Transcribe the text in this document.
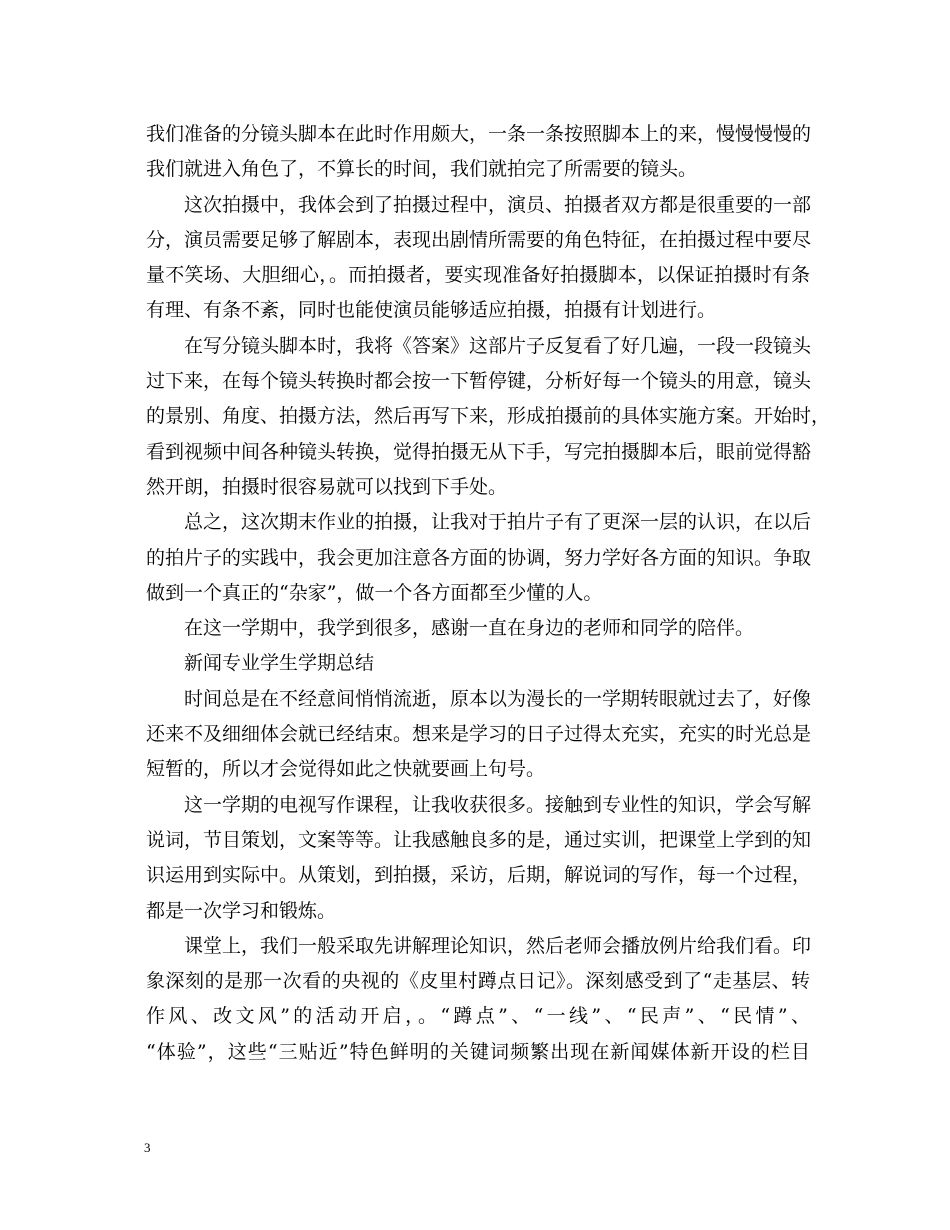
我们准备的分镜头脚本在此时作用颇大，一条一条按照脚本上的来，慢慢慢慢的
我们就进入角色了，不算长的时间，我们就拍完了所需要的镜头。
这次拍摄中，我体会到了拍摄过程中，演员、拍摄者双方都是很重要的一部
分，演员需要足够了解剧本，表现出剧情所需要的角色特征，在拍摄过程中要尽
量不笑场、大胆细心，。而拍摄者，要实现准备好拍摄脚本，以保证拍摄时有条
有理、有条不紊，同时也能使演员能够适应拍摄，拍摄有计划进行。
在写分镜头脚本时，我将《答案》这部片子反复看了好几遍，一段一段镜头
过下来，在每个镜头转换时都会按一下暂停键，分析好每一个镜头的用意，镜头
的景别、角度、拍摄方法，然后再写下来，形成拍摄前的具体实施方案。开始时，
看到视频中间各种镜头转换，觉得拍摄无从下手，写完拍摄脚本后，眼前觉得豁
然开朗，拍摄时很容易就可以找到下手处。
总之，这次期末作业的拍摄，让我对于拍片子有了更深一层的认识，在以后
的拍片子的实践中，我会更加注意各方面的协调，努力学好各方面的知识。争取
做到一个真正的“杂家”，做一个各方面都至少懂的人。
在这一学期中，我学到很多，感谢一直在身边的老师和同学的陪伴。
新闻专业学生学期总结
时间总是在不经意间悄悄流逝，原本以为漫长的一学期转眼就过去了，好像
还来不及细细体会就已经结束。想来是学习的日子过得太充实，充实的时光总是
短暂的，所以才会觉得如此之快就要画上句号。
这一学期的电视写作课程，让我收获很多。接触到专业性的知识，学会写解
说词，节目策划，文案等等。让我感触良多的是，通过实训，把课堂上学到的知
识运用到实际中。从策划，到拍摄，采访，后期，解说词的写作，每一个过程，
都是一次学习和锻炼。
课堂上，我们一般采取先讲解理论知识，然后老师会播放例片给我们看。印
象深刻的是那一次看的央视的《皮里村蹲点日记》。深刻感受到了“走基层、转
作风、改文风”的活动开启，。“蹲点”、“一线”、“民声”、“民情”、
“体验”，这些“三贴近”特色鲜明的关键词频繁出现在新闻媒体新开设的栏目
3
